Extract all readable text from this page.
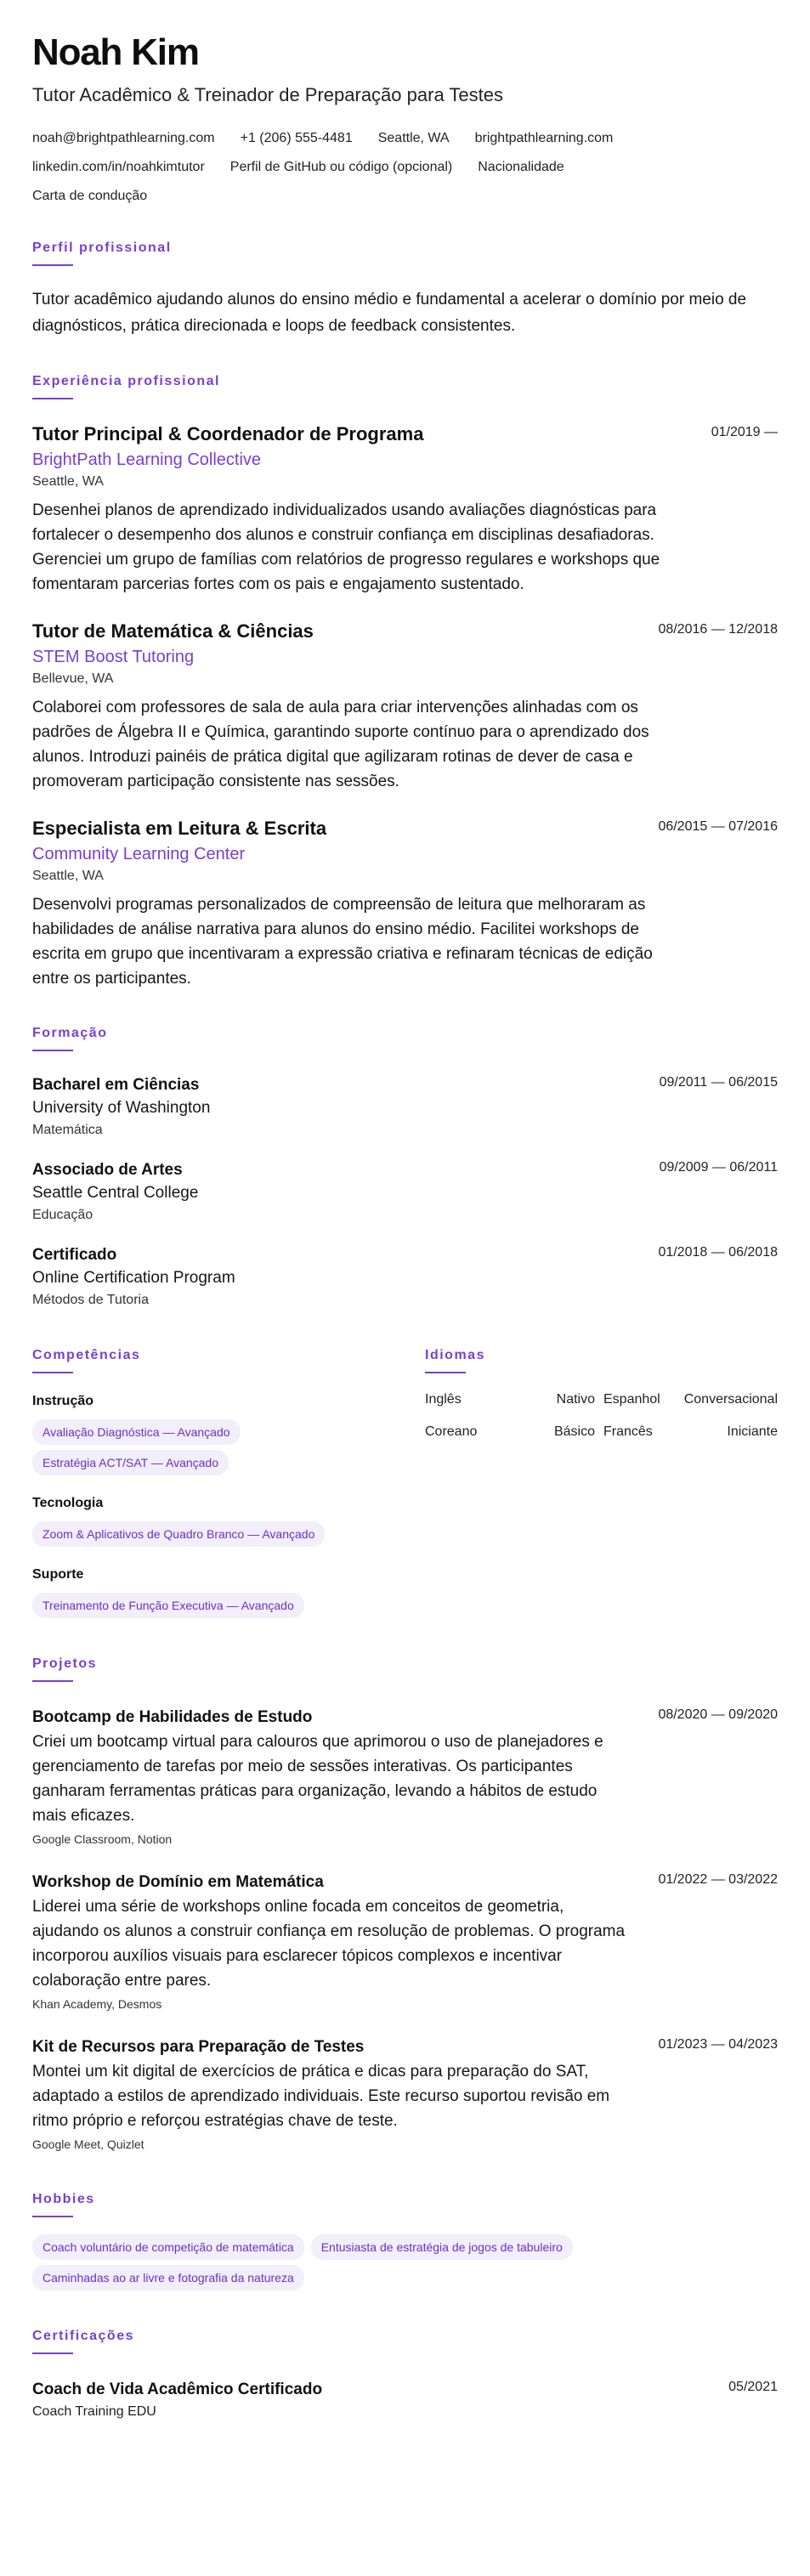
Noah Kim
Tutor Acadêmico & Treinador de Preparação para Testes
noah@brightpathlearning.com +1 (206) 555-4481 Seattle, WA brightpathlearning.com
linkedin.com/in/noahkimtutor Perfil de GitHub ou código (opcional) Nacionalidade
Carta de condução
Perfil profissional
Tutor acadêmico ajudando alunos do ensino médio e fundamental a acelerar o domínio por meio de diagnósticos, prática direcionada e loops de feedback consistentes.
Experiência profissional
Tutor Principal & Coordenador de Programa	01/2019 —
BrightPath Learning Collective
Seattle, WA
Desenhei planos de aprendizado individualizados usando avaliações diagnósticas para fortalecer o desempenho dos alunos e construir confiança em disciplinas desafiadoras. Gerenciei um grupo de famílias com relatórios de progresso regulares e workshops que fomentaram parcerias fortes com os pais e engajamento sustentado.
Tutor de Matemática & Ciências	08/2016 — 12/2018
STEM Boost Tutoring
Bellevue, WA
Colaborei com professores de sala de aula para criar intervenções alinhadas com os padrões de Álgebra II e Química, garantindo suporte contínuo para o aprendizado dos alunos. Introduzi painéis de prática digital que agilizaram rotinas de dever de casa e promoveram participação consistente nas sessões.
Especialista em Leitura & Escrita	06/2015 — 07/2016
Community Learning Center
Seattle, WA
Desenvolvi programas personalizados de compreensão de leitura que melhoraram as habilidades de análise narrativa para alunos do ensino médio. Facilitei workshops de escrita em grupo que incentivaram a expressão criativa e refinaram técnicas de edição entre os participantes.
Formação
Bacharel em Ciências
University of Washington
Matemática
09/2011 — 06/2015
Associado de Artes
Seattle Central College
Educação
09/2009 — 06/2011
Certificado
Online Certification Program
Métodos de Tutoria
01/2018 — 06/2018
Competências
Instrução
Avaliação Diagnóstica — Avançado
Estratégia ACT/SAT — Avançado
Tecnologia
Zoom & Aplicativos de Quadro Branco — Avançado
Suporte
Treinamento de Função Executiva — Avançado
Idiomas
Inglês	Nativo Espanhol	Conversacional
Coreano	Básico Francês	Iniciante
Projetos
Bootcamp de Habilidades de Estudo	08/2020 — 09/2020
Criei um bootcamp virtual para calouros que aprimorou o uso de planejadores e gerenciamento de tarefas por meio de sessões interativas. Os participantes ganharam ferramentas práticas para organização, levando a hábitos de estudo mais eficazes.
Google Classroom, Notion
Workshop de Domínio em Matemática	01/2022 — 03/2022
Liderei uma série de workshops online focada em conceitos de geometria, ajudando os alunos a construir confiança em resolução de problemas. O programa incorporou auxílios visuais para esclarecer tópicos complexos e incentivar colaboração entre pares.
Khan Academy, Desmos
Kit de Recursos para Preparação de Testes	01/2023 — 04/2023
Montei um kit digital de exercícios de prática e dicas para preparação do SAT, adaptado a estilos de aprendizado individuais. Este recurso suportou revisão em ritmo próprio e reforçou estratégias chave de teste.
Google Meet, Quizlet
Hobbies
Coach voluntário de competição de matemática	Entusiasta de estratégia de jogos de tabuleiro
Caminhadas ao ar livre e fotografia da natureza
Certificações
Coach de Vida Acadêmico Certificado
Coach Training EDU
05/2021
